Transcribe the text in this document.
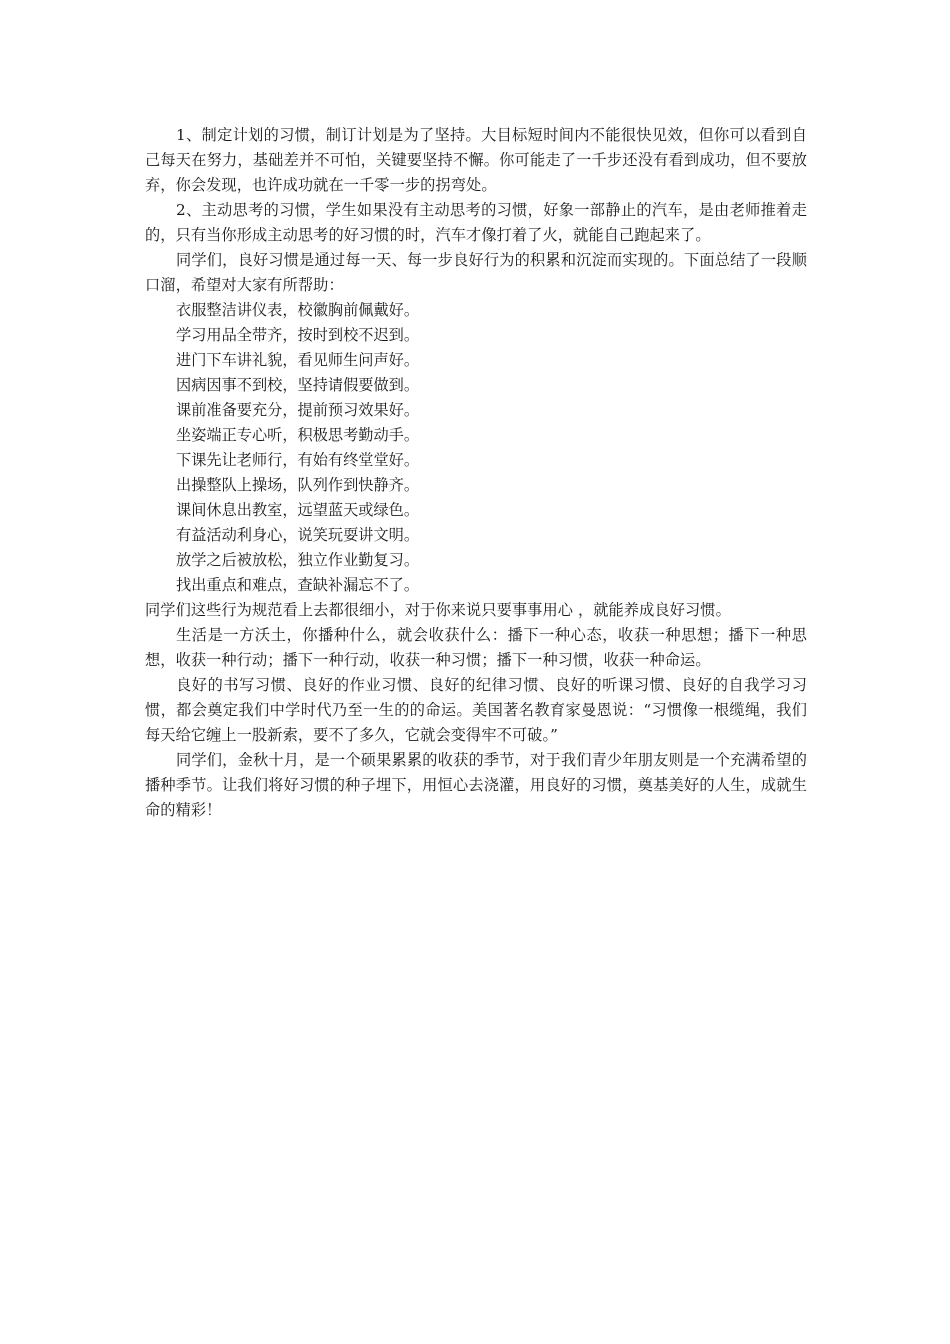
1、制定计划的习惯，制订计划是为了坚持。大目标短时间内不能很快见效，但你可以看到自己每天在努力，基础差并不可怕，关键要坚持不懈。你可能走了一千步还没有看到成功，但不要放弃，你会发现，也许成功就在一千零一步的拐弯处。

2、主动思考的习惯，学生如果没有主动思考的习惯，好象一部静止的汽车，是由老师推着走的，只有当你形成主动思考的好习惯的时，汽车才像打着了火，就能自己跑起来了。

同学们，良好习惯是通过每一天、每一步良好行为的积累和沉淀而实现的。下面总结了一段顺口溜，希望对大家有所帮助：

衣服整洁讲仪表，校徽胸前佩戴好。
学习用品全带齐，按时到校不迟到。
进门下车讲礼貌，看见师生问声好。
因病因事不到校，坚持请假要做到。
课前准备要充分，提前预习效果好。
坐姿端正专心听，积极思考勤动手。
下课先让老师行，有始有终堂堂好。
出操整队上操场，队列作到快静齐。
课间休息出教室，远望蓝天或绿色。
有益活动利身心，说笑玩耍讲文明。
放学之后被放松，独立作业勤复习。
找出重点和难点，查缺补漏忘不了。

同学们这些行为规范看上去都很细小，对于你来说只要事事用心 ，就能养成良好习惯。

生活是一方沃土，你播种什么，就会收获什么：播下一种心态，收获一种思想；播下一种思想，收获一种行动；播下一种行动，收获一种习惯；播下一种习惯，收获一种命运。

良好的书写习惯、良好的作业习惯、良好的纪律习惯、良好的听课习惯、良好的自我学习习惯，都会奠定我们中学时代乃至一生的的命运。美国著名教育家曼恩说：“习惯像一根缆绳，我们每天给它缠上一股新索，要不了多久，它就会变得牢不可破。”

同学们，金秋十月，是一个硕果累累的收获的季节，对于我们青少年朋友则是一个充满希望的播种季节。让我们将好习惯的种子埋下，用恒心去浇灌，用良好的习惯，奠基美好的人生，成就生命的精彩！
